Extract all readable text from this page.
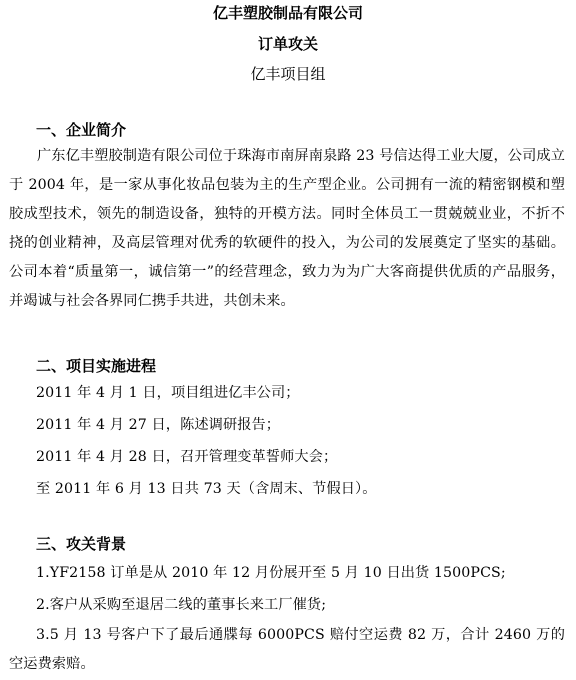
亿丰塑胶制品有限公司
订单攻关
亿丰项目组
一、企业简介

广东亿丰塑胶制造有限公司位于珠海市南屏南泉路 23 号信达得工业大厦，公司成立于 2004 年，是一家从事化妆品包装为主的生产型企业。公司拥有一流的精密钢模和塑胶成型技术，领先的制造设备，独特的开模方法。同时全体员工一贯兢兢业业，不折不挠的创业精神，及高层管理对优秀的软硬件的投入，为公司的发展奠定了坚实的基础。公司本着“质量第一，诚信第一”的经营理念，致力为为广大客商提供优质的产品服务，并竭诚与社会各界同仁携手共进，共创未来。

二、项目实施进程
2011 年 4 月 1 日，项目组进亿丰公司；
2011 年 4 月 27 日，陈述调研报告；
2011 年 4 月 28 日，召开管理变革誓师大会；
至 2011 年 6 月 13 日共 73 天（含周末、节假日）。
三、攻关背景
1.YF2158 订单是从 2010 年 12 月份展开至 5 月 10 日出货 1500PCS;
2.客户从采购至退居二线的董事长来工厂催货;

3.5 月 13 号客户下了最后通牒每 6000PCS 赔付空运费 82 万，合计 2460 万的空运费索赔。
